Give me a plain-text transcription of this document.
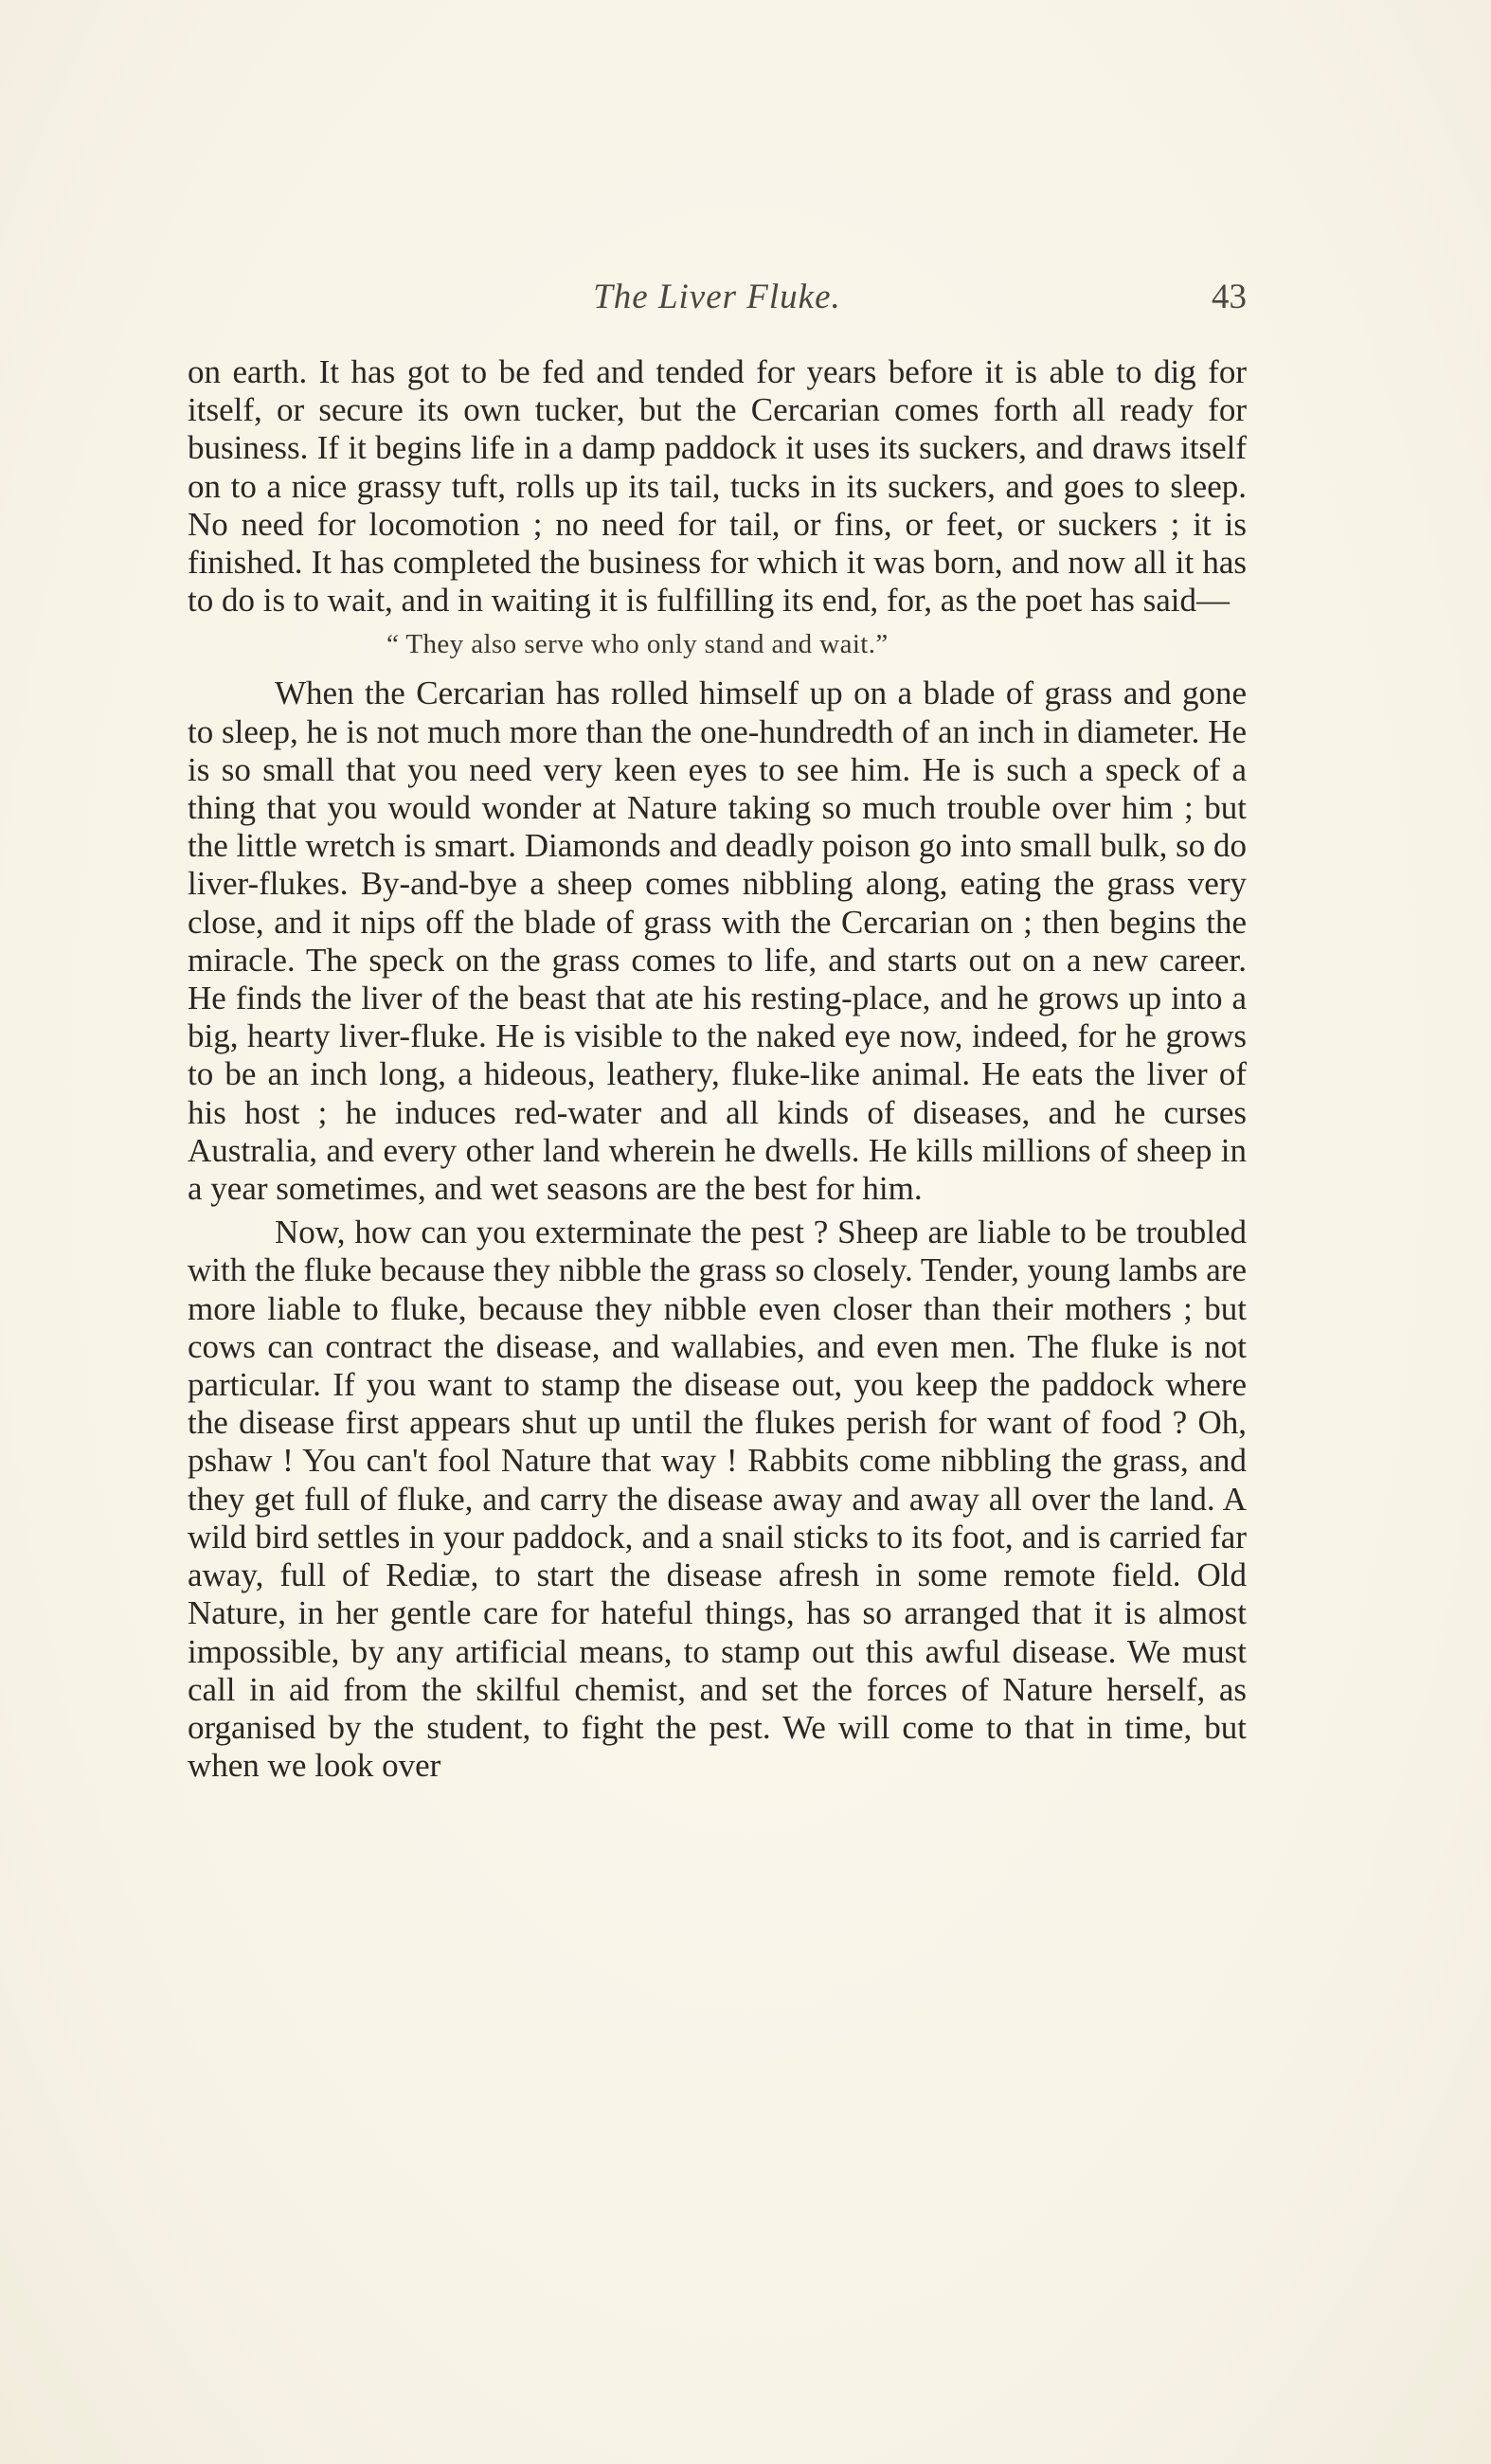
The Liver Fluke.	43

on earth. It has got to be fed and tended for years before it is able to dig for itself, or secure its own tucker, but the Cercarian comes forth all ready for business. If it begins life in a damp paddock it uses its suckers, and draws itself on to a nice grassy tuft, rolls up its tail, tucks in its suckers, and goes to sleep. No need for locomotion ; no need for tail, or fins, or feet, or suckers ; it is finished. It has completed the business for which it was born, and now all it has to do is to wait, and in waiting it is fulfilling its end, for, as the poet has said—

“ They also serve who only stand and wait.”

When the Cercarian has rolled himself up on a blade of grass and gone to sleep, he is not much more than the one-hundredth of an inch in diameter. He is so small that you need very keen eyes to see him. He is such a speck of a thing that you would wonder at Nature taking so much trouble over him ; but the little wretch is smart. Diamonds and deadly poison go into small bulk, so do liver-flukes. By-and-bye a sheep comes nibbling along, eating the grass very close, and it nips off the blade of grass with the Cercarian on ; then begins the miracle. The speck on the grass comes to life, and starts out on a new career. He finds the liver of the beast that ate his resting-place, and he grows up into a big, hearty liver-fluke. He is visible to the naked eye now, indeed, for he grows to be an inch long, a hideous, leathery, fluke-like animal. He eats the liver of his host ; he induces red-water and all kinds of diseases, and he curses Australia, and every other land wherein he dwells. He kills millions of sheep in a year sometimes, and wet seasons are the best for him.

Now, how can you exterminate the pest ? Sheep are liable to be troubled with the fluke because they nibble the grass so closely. Tender, young lambs are more liable to fluke, because they nibble even closer than their mothers ; but cows can contract the disease, and wallabies, and even men. The fluke is not particular. If you want to stamp the disease out, you keep the paddock where the disease first appears shut up until the flukes perish for want of food ? Oh, pshaw ! You can't fool Nature that way ! Rabbits come nibbling the grass, and they get full of fluke, and carry the disease away and away all over the land. A wild bird settles in your paddock, and a snail sticks to its foot, and is carried far away, full of Rediæ, to start the disease afresh in some remote field. Old Nature, in her gentle care for hateful things, has so arranged that it is almost impossible, by any artificial means, to stamp out this awful disease. We must call in aid from the skilful chemist, and set the forces of Nature herself, as organised by the student, to fight the pest. We will come to that in time, but when we look over
